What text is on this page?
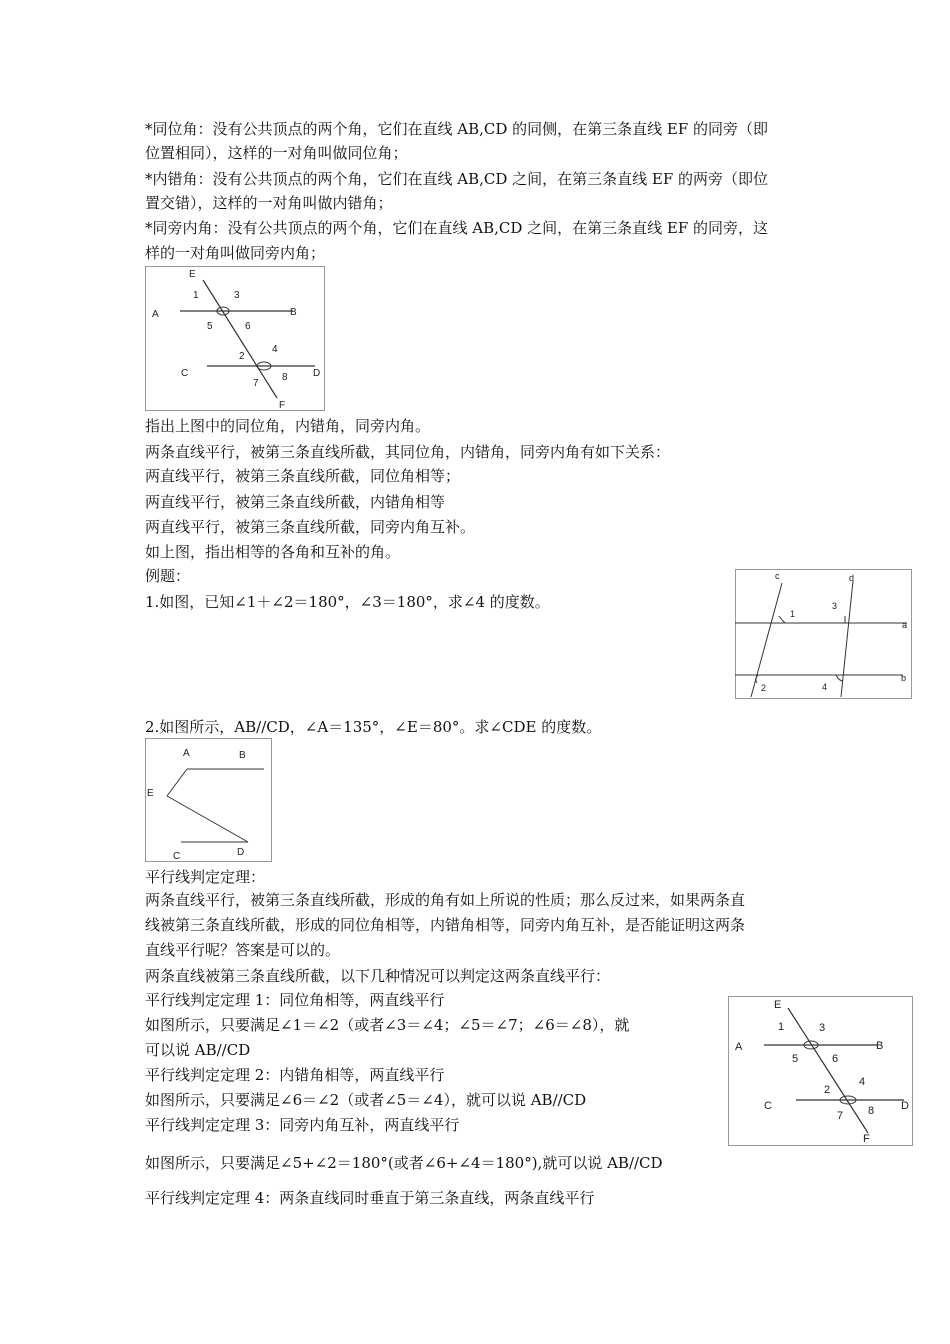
*同位角：没有公共顶点的两个角，它们在直线 AB,CD 的同侧，在第三条直线 EF 的同旁（即
位置相同），这样的一对角叫做同位角；
*内错角：没有公共顶点的两个角，它们在直线 AB,CD 之间，在第三条直线 EF 的两旁（即位
置交错），这样的一对角叫做内错角；
*同旁内角：没有公共顶点的两个角，它们在直线 AB,CD 之间，在第三条直线 EF 的同旁，这
样的一对角叫做同旁内角；
E
F
A	B
C	D
1	3
5	6
2
4
7
8
指出上图中的同位角，内错角，同旁内角。
两条直线平行，被第三条直线所截，其同位角，内错角，同旁内角有如下关系：
两直线平行，被第三条直线所截，同位角相等；
两直线平行，被第三条直线所截，内错角相等
两直线平行，被第三条直线所截，同旁内角互补。
如上图，指出相等的各角和互补的角。
例题：
1.如图，已知∠1＋∠2＝180°，∠3＝180°，求∠4 的度数。
c	d
a
b
1
3
2	4
2.如图所示，AB//CD，∠A＝135°，∠E＝80°。求∠CDE 的度数。
A	B
E
C	D
平行线判定定理：
两条直线平行，被第三条直线所截，形成的角有如上所说的性质；那么反过来，如果两条直
线被第三条直线所截，形成的同位角相等，内错角相等，同旁内角互补，是否能证明这两条
直线平行呢？答案是可以的。
两条直线被第三条直线所截，以下几种情况可以判定这两条直线平行：
平行线判定定理 1：同位角相等，两直线平行
如图所示，只要满足∠1＝∠2（或者∠3＝∠4；∠5＝∠7；∠6＝∠8），就
可以说 AB//CD
平行线判定定理 2：内错角相等，两直线平行
如图所示，只要满足∠6＝∠2（或者∠5＝∠4），就可以说 AB//CD
平行线判定定理 3：同旁内角互补，两直线平行
如图所示，只要满足∠5+∠2＝180°(或者∠6+∠4＝180°),就可以说 AB//CD
平行线判定定理 4：两条直线同时垂直于第三条直线，两条直线平行
E
F
A	B
C	D
1	3
5	6
2
4
7 8
